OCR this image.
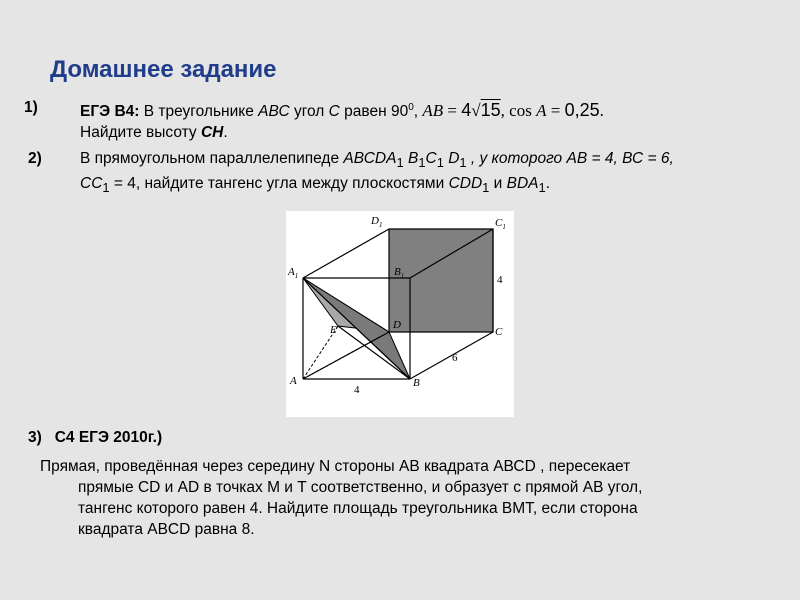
Домашнее задание
1)	ЕГЭ В4: В треугольнике АВС угол С равен $90^0$, AB = 4√15, cos A = 0,25.
Найдите высоту СН.
2) В прямоугольном параллелепипеде $АВСDА_1$ $В_1С_1$ $D_1$ , у которого АВ = 4, ВС = 6,
$СС_1 = 4$, найдите тангенс угла между плоскостями $СDD_1$ и $ВDА_1$.
$D_1$	$C_1$
$A_1$	$B_1$
E	D
C
A	B
4
6
4
3) С4 ЕГЭ 2010г.)
Прямая, проведённая через середину N стороны АВ квадрата АВСD , пересекает
прямые CD и AD в точках M и T соответственно, и образует с прямой AB угол,
тангенс которого равен 4. Найдите площадь треугольника BMT, если сторона
квадрата ABCD равна 8.
